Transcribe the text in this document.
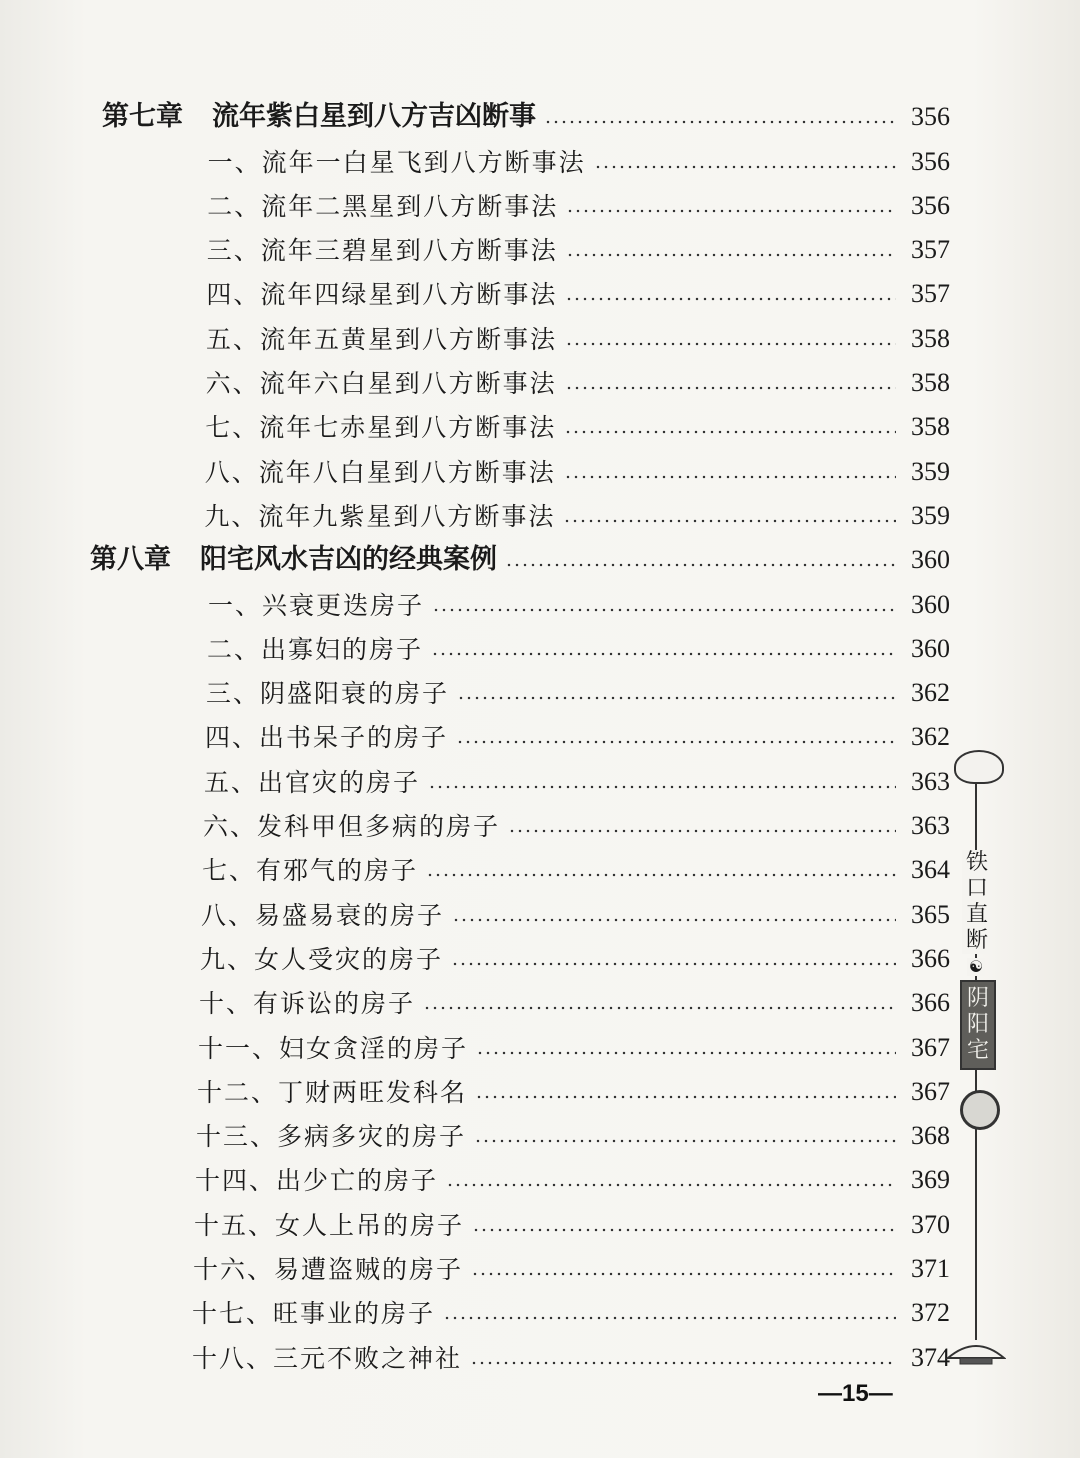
第七章 流年紫白星到八方吉凶断事	356
一、流年一白星飞到八方断事法	356
二、流年二黑星到八方断事法	356
三、流年三碧星到八方断事法	357
四、流年四绿星到八方断事法	357
五、流年五黄星到八方断事法	358
六、流年六白星到八方断事法	358
七、流年七赤星到八方断事法	358
八、流年八白星到八方断事法	359
九、流年九紫星到八方断事法	359
第八章 阳宅风水吉凶的经典案例	360
一、兴衰更迭房子	360
二、出寡妇的房子	360
三、阴盛阳衰的房子	362
四、出书呆子的房子	362
五、出官灾的房子	363
六、发科甲但多病的房子	363
七、有邪气的房子	364
八、易盛易衰的房子	365
九、女人受灾的房子	366
十、有诉讼的房子	366
十一、妇女贪淫的房子	367
十二、丁财两旺发科名	367
十三、多病多灾的房子	368
十四、出少亡的房子	369
十五、女人上吊的房子	370
十六、易遭盗贼的房子	371
十七、旺事业的房子	372
十八、三元不败之神社	374
铁
口
直
断
☯
阴
阳
宅
—15—
